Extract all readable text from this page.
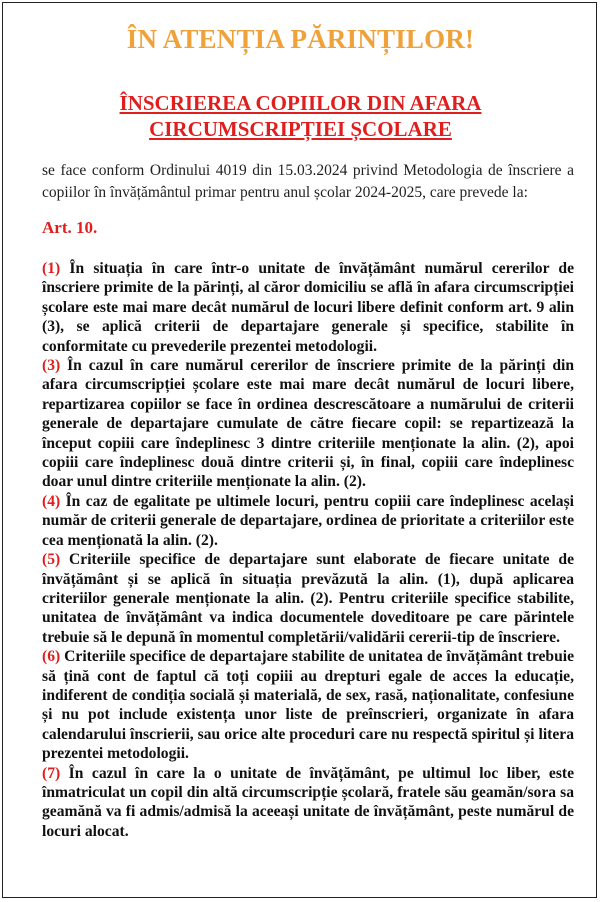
ÎN ATENȚIA PĂRINȚILOR!
ÎNSCRIEREA COPIILOR DIN AFARA
CIRCUMSCRIPȚIEI ȘCOLARE
se face conform Ordinului 4019 din 15.03.2024 privind Metodologia de înscriere a copiilor în învățământul primar pentru anul școlar 2024-2025, care prevede la:
Art. 10.

(1) În situația în care într-o unitate de învățământ numărul cererilor de înscriere primite de la părinți, al căror domiciliu se află în afara circumscripției școlare este mai mare decât numărul de locuri libere definit conform art. 9 alin (3), se aplică criterii de departajare generale și specifice, stabilite în conformitate cu prevederile prezentei metodologii.

(3) În cazul în care numărul cererilor de înscriere primite de la părinți din afara circumscripției școlare este mai mare decât numărul de locuri libere, repartizarea copiilor se face în ordinea descrescătoare a numărului de criterii generale de departajare cumulate de către fiecare copil: se repartizează la început copiii care îndeplinesc 3 dintre criteriile menționate la alin. (2), apoi copiii care îndeplinesc două dintre criterii și, în final, copiii care îndeplinesc doar unul dintre criteriile menționate la alin. (2).

(4) În caz de egalitate pe ultimele locuri, pentru copiii care îndeplinesc același număr de criterii generale de departajare, ordinea de prioritate a criteriilor este cea menționată la alin. (2).

(5) Criteriile specifice de departajare sunt elaborate de fiecare unitate de învățământ și se aplică în situația prevăzută la alin. (1), după aplicarea criteriilor generale menționate la alin. (2). Pentru criteriile specifice stabilite, unitatea de învățământ va indica documentele doveditoare pe care părintele trebuie să le depună în momentul completării/validării cererii-tip de înscriere.

(6) Criteriile specifice de departajare stabilite de unitatea de învățământ trebuie să țină cont de faptul că toți copiii au drepturi egale de acces la educație, indiferent de condiția socială și materială, de sex, rasă, naționalitate, confesiune și nu pot include existența unor liste de preînscrieri, organizate în afara calendarului înscrierii, sau orice alte proceduri care nu respectă spiritul și litera prezentei metodologii.

(7) În cazul în care la o unitate de învățământ, pe ultimul loc liber, este înmatriculat un copil din altă circumscripție școlară, fratele său geamăn/sora sa geamănă va fi admis/admisă la aceeași unitate de învățământ, peste numărul de locuri alocat.
